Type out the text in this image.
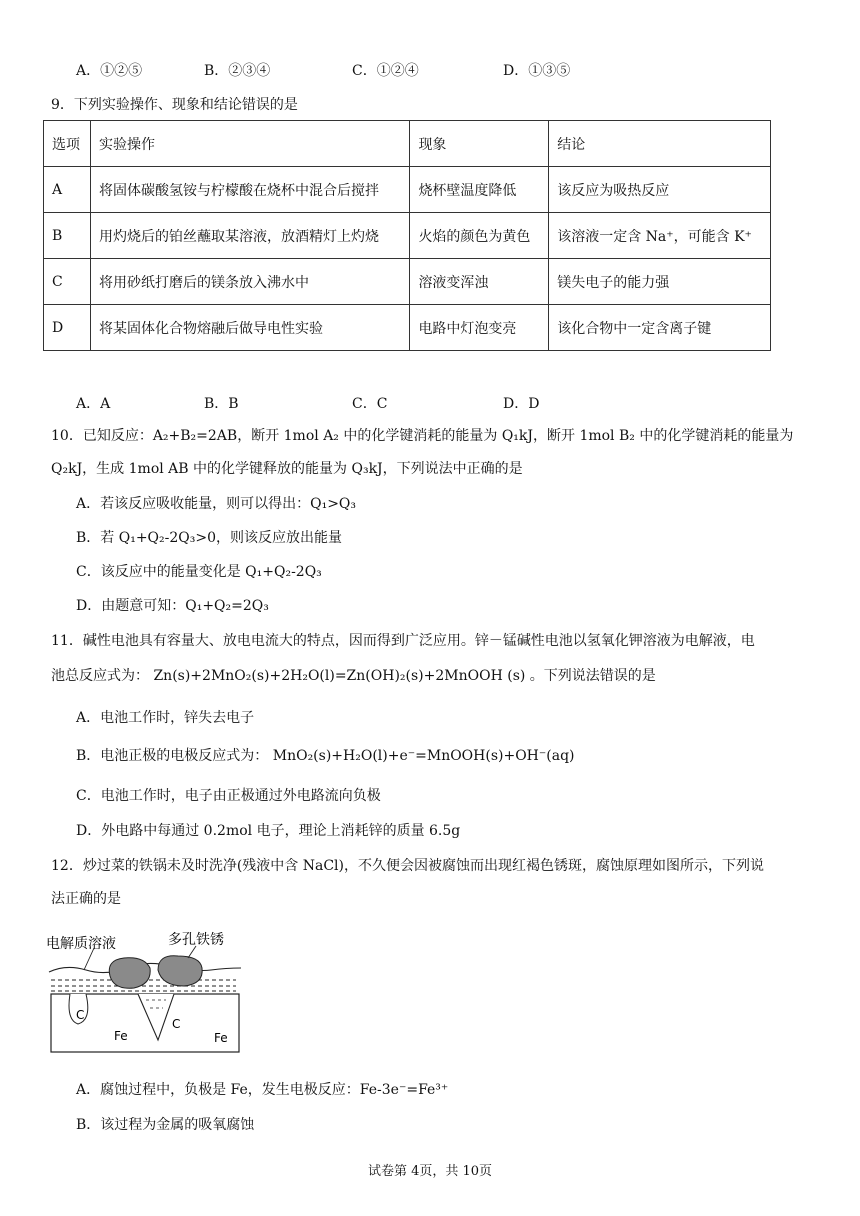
A．①②⑤	B．②③④	C．①②④	D．①③⑤
9．下列实验操作、现象和结论错误的是
选项	实验操作	现象	结论
A	将固体碳酸氢铵与柠檬酸在烧杯中混合后搅拌	烧杯壁温度降低	该反应为吸热反应
B	用灼烧后的铂丝蘸取某溶液，放酒精灯上灼烧	火焰的颜色为黄色	该溶液一定含 Na⁺，可能含 K⁺
C	将用砂纸打磨后的镁条放入沸水中	溶液变浑浊	镁失电子的能力强
D	将某固体化合物熔融后做导电性实验	电路中灯泡变亮	该化合物中一定含离子键
A．A	B．B	C．C	D．D
10．已知反应：A₂+B₂=2AB，断开 1mol A₂ 中的化学键消耗的能量为 Q₁kJ，断开 1mol B₂ 中的化学键消耗的能量为
Q₂kJ，生成 1mol AB 中的化学键释放的能量为 Q₃kJ，下列说法中正确的是
A．若该反应吸收能量，则可以得出：Q₁>Q₃
B．若 Q₁+Q₂-2Q₃>0，则该反应放出能量
C．该反应中的能量变化是 Q₁+Q₂-2Q₃
D．由题意可知：Q₁+Q₂=2Q₃
11．碱性电池具有容量大、放电电流大的特点，因而得到广泛应用。锌－锰碱性电池以氢氧化钾溶液为电解液，电
池总反应式为： Zn(s)+2MnO₂(s)+2H₂O(l)=Zn(OH)₂(s)+2MnOOH (s) 。下列说法错误的是
A．电池工作时，锌失去电子
B．电池正极的电极反应式为： MnO₂(s)+H₂O(l)+e⁻=MnOOH(s)+OH⁻(aq)
C．电池工作时，电子由正极通过外电路流向负极
D．外电路中每通过 0.2mol 电子，理论上消耗锌的质量 6.5g
12．炒过菜的铁锅未及时洗净(残液中含 NaCl)，不久便会因被腐蚀而出现红褐色锈斑，腐蚀原理如图所示，下列说
法正确的是
C
C
电解质溶液	多孔铁锈
Fe	Fe
A．腐蚀过程中，负极是 Fe，发生电极反应：Fe-3e⁻=Fe³⁺
B．该过程为金属的吸氧腐蚀
试卷第 4页，共 10页
